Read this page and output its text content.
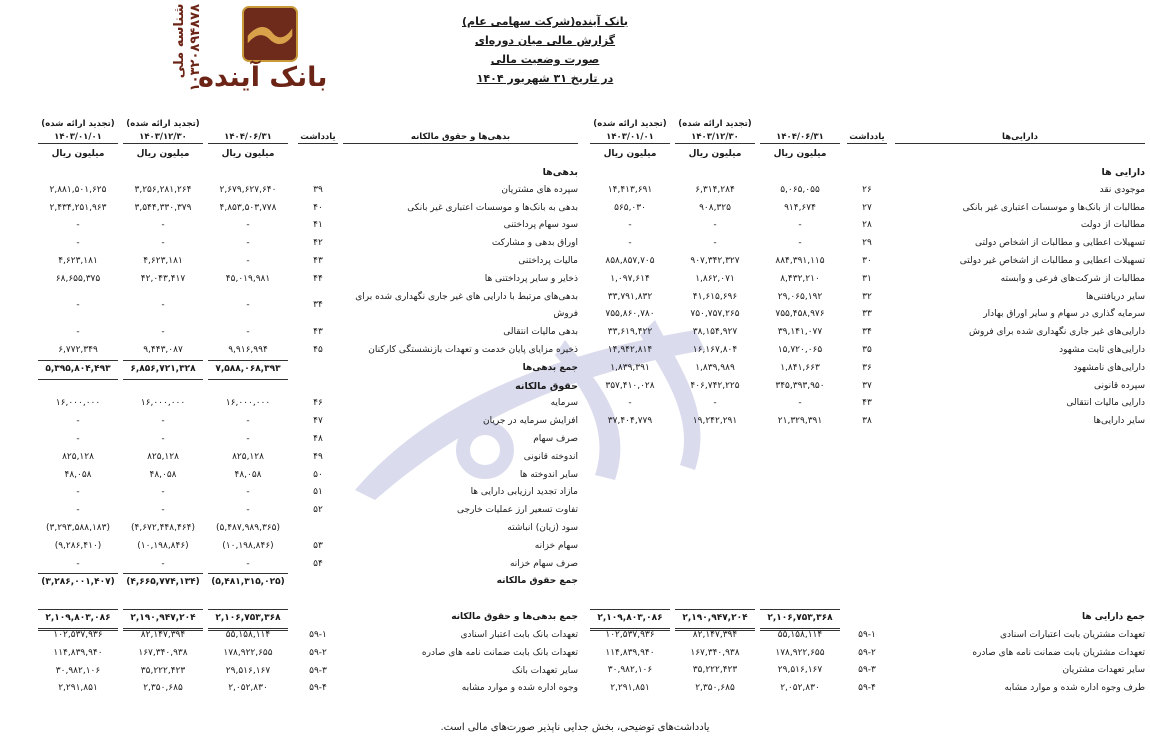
بانک آینده
شناسه ملی ۱۰۳۲۰۸۹۴۸۷۸	بانک آینده(شرکت سهامی عام)
گزارش مالی میان دوره‌ای
صورت وضعیت مالی
در تاریخ ۳۱ شهریور ۱۴۰۴
(تجدید ارائه شده)
(تجدید ارائه شده)
دارایی‌ها
یادداشت
۱۴۰۴/۰۶/۳۱
۱۴۰۳/۱۲/۳۰
۱۴۰۳/۰۱/۰۱
میلیون ریال
میلیون ریال
میلیون ریال
دارایی ها
موجودی نقد
۲۶
۵,۰۶۵,۰۵۵
۶,۳۱۴,۲۸۴
۱۴,۴۱۳,۶۹۱
مطالبات از بانک‌ها و موسسات اعتباری غیر بانکی
۲۷
۹۱۴,۶۷۴
۹۰۸,۳۲۵
۵۶۵,۰۳۰
مطالبات از دولت
۲۸
-
-
-
تسهیلات اعطایی و مطالبات از اشخاص دولتی
۲۹
-
-
-
تسهیلات اعطایی و مطالبات از اشخاص غیر دولتی
۳۰
۸۸۴,۳۹۱,۱۱۵
۹۰۷,۳۴۲,۳۲۷
۸۵۸,۸۵۷,۷۰۵
مطالبات از شرکت‌های فرعی و وابسته
۳۱
۸,۴۳۲,۲۱۰
۱,۸۶۲,۰۷۱
۱,۰۹۷,۶۱۴
سایر دریافتنی‌ها
۳۲
۲۹,۰۶۵,۱۹۲
۴۱,۶۱۵,۶۹۶
۳۳,۷۹۱,۸۳۲
سرمایه گذاری در سهام و سایر اوراق بهادار
۳۳
۷۵۵,۴۵۸,۹۷۶
۷۵۰,۷۵۷,۲۶۵
۷۵۵,۸۶۰,۷۸۰
دارایی‌های غیر جاری نگهداری شده برای فروش
۳۴
۳۹,۱۴۱,۰۷۷
۳۸,۱۵۴,۹۲۷
۳۳,۶۱۹,۴۲۲
دارایی‌های ثابت مشهود
۳۵
۱۵,۷۲۰,۰۶۵
۱۶,۱۶۷,۸۰۴
۱۴,۹۴۲,۸۱۴
دارایی‌های نامشهود
۳۶
۱,۸۴۱,۶۶۳
۱,۸۳۹,۹۸۹
۱,۸۳۹,۳۹۱
سپرده قانونی
۳۷
۳۴۵,۳۹۳,۹۵۰
۴۰۶,۷۴۲,۲۲۵
۳۵۷,۴۱۰,۰۲۸
دارایی مالیات انتقالی
۴۳
-
-
-
سایر دارایی‌ها
۳۸
۲۱,۳۲۹,۳۹۱
۱۹,۲۴۲,۲۹۱
۳۷,۴۰۴,۷۷۹
جمع دارایی ها
۲,۱۰۶,۷۵۳,۳۶۸
۲,۱۹۰,۹۴۷,۲۰۴
۲,۱۰۹,۸۰۳,۰۸۶
تعهدات مشتریان بابت اعتبارات اسنادی
۵۹-۱
۵۵,۱۵۸,۱۱۴
۸۲,۱۴۷,۳۹۴
۱۰۲,۵۳۷,۹۳۶
تعهدات مشتریان بابت ضمانت نامه های صادره
۵۹-۲
۱۷۸,۹۲۲,۶۵۵
۱۶۷,۳۴۰,۹۳۸
۱۱۴,۸۳۹,۹۴۰
سایر تعهدات مشتریان
۵۹-۳
۲۹,۵۱۶,۱۶۷
۳۵,۲۲۲,۴۲۳
۳۰,۹۸۲,۱۰۶
طرف وجوه اداره شده و موارد مشابه
۵۹-۴
۲,۰۵۲,۸۳۰
۲,۳۵۰,۶۸۵
۲,۲۹۱,۸۵۱
(تجدید ارائه شده)
(تجدید ارائه شده)
بدهی‌ها و حقوق مالکانه
یادداشت
۱۴۰۴/۰۶/۳۱
۱۴۰۳/۱۲/۳۰
۱۴۰۳/۰۱/۰۱
میلیون ریال
میلیون ریال
میلیون ریال
بدهی‌ها
سپرده های مشتریان
۳۹
۲,۶۷۹,۶۲۷,۶۴۰
۳,۲۵۶,۲۸۱,۲۶۴
۲,۸۸۱,۵۰۱,۶۲۵
بدهی به بانک‌ها و موسسات اعتباری غیر بانکی
۴۰
۴,۸۵۳,۵۰۳,۷۷۸
۳,۵۴۴,۳۳۰,۳۷۹
۲,۴۳۴,۲۵۱,۹۶۳
سود سهام پرداختنی
۴۱
-
-
-
اوراق بدهی و مشارکت
۴۲
-
-
-
مالیات پرداختنی
۴۳
-
۴,۶۲۳,۱۸۱
۴,۶۲۳,۱۸۱
ذخایر و سایر پرداختنی ها
۴۴
۴۵,۰۱۹,۹۸۱
۴۲,۰۴۳,۴۱۷
۶۸,۶۵۵,۳۷۵
بدهی‌های مرتبط با دارایی های غیر جاری نگهداری شده برای فروش
۳۴
-
-
-
بدهی مالیات انتقالی
۴۳
-
-
-
ذخیره مزایای پایان خدمت و تعهدات بازنشستگی کارکنان
۴۵
۹,۹۱۶,۹۹۴
۹,۴۴۳,۰۸۷
۶,۷۷۲,۳۴۹
جمع بدهی‌ها
۷,۵۸۸,۰۶۸,۳۹۳
۶,۸۵۶,۷۲۱,۳۲۸
۵,۳۹۵,۸۰۴,۴۹۳
حقوق مالکانه
سرمایه
۴۶
۱۶,۰۰۰,۰۰۰
۱۶,۰۰۰,۰۰۰
۱۶,۰۰۰,۰۰۰
افزایش سرمایه در جریان
۴۷
-
-
-
صرف سهام
۴۸
-
-
-
اندوخته قانونی
۴۹
۸۲۵,۱۲۸
۸۲۵,۱۲۸
۸۲۵,۱۲۸
سایر اندوخته ها
۵۰
۴۸,۰۵۸
۴۸,۰۵۸
۴۸,۰۵۸
مازاد تجدید ارزیابی دارایی ها
۵۱
-
-
-
تفاوت تسعیر ارز عملیات خارجی
۵۲
-
-
-
سود (زیان) انباشته
(۵,۴۸۷,۹۸۹,۳۶۵)
(۴,۶۷۲,۴۴۸,۴۶۴)
(۳,۲۹۳,۵۸۸,۱۸۳)
سهام خزانه
۵۳
(۱۰,۱۹۸,۸۴۶)
(۱۰,۱۹۸,۸۴۶)
(۹,۲۸۶,۴۱۰)
صرف سهام خزانه
۵۴
-
-
-
جمع حقوق مالکانه
(۵,۴۸۱,۳۱۵,۰۲۵)
(۴,۶۶۵,۷۷۴,۱۳۴)
(۳,۲۸۶,۰۰۱,۴۰۷)
جمع بدهی‌ها و حقوق مالکانه
۲,۱۰۶,۷۵۳,۳۶۸
۲,۱۹۰,۹۴۷,۲۰۴
۲,۱۰۹,۸۰۳,۰۸۶
تعهدات بانک بابت اعتبار اسنادی
۵۹-۱
۵۵,۱۵۸,۱۱۴
۸۲,۱۴۷,۳۹۴
۱۰۲,۵۳۷,۹۳۶
تعهدات بانک بابت ضمانت نامه های صادره
۵۹-۲
۱۷۸,۹۲۲,۶۵۵
۱۶۷,۳۴۰,۹۳۸
۱۱۴,۸۳۹,۹۴۰
سایر تعهدات بانک
۵۹-۳
۲۹,۵۱۶,۱۶۷
۳۵,۲۲۲,۴۲۳
۳۰,۹۸۲,۱۰۶
وجوه اداره شده و موارد مشابه
۵۹-۴
۲,۰۵۲,۸۳۰
۲,۳۵۰,۶۸۵
۲,۲۹۱,۸۵۱
یادداشت‌های توضیحی، بخش جدایی ناپذیر صورت‌های مالی است.
